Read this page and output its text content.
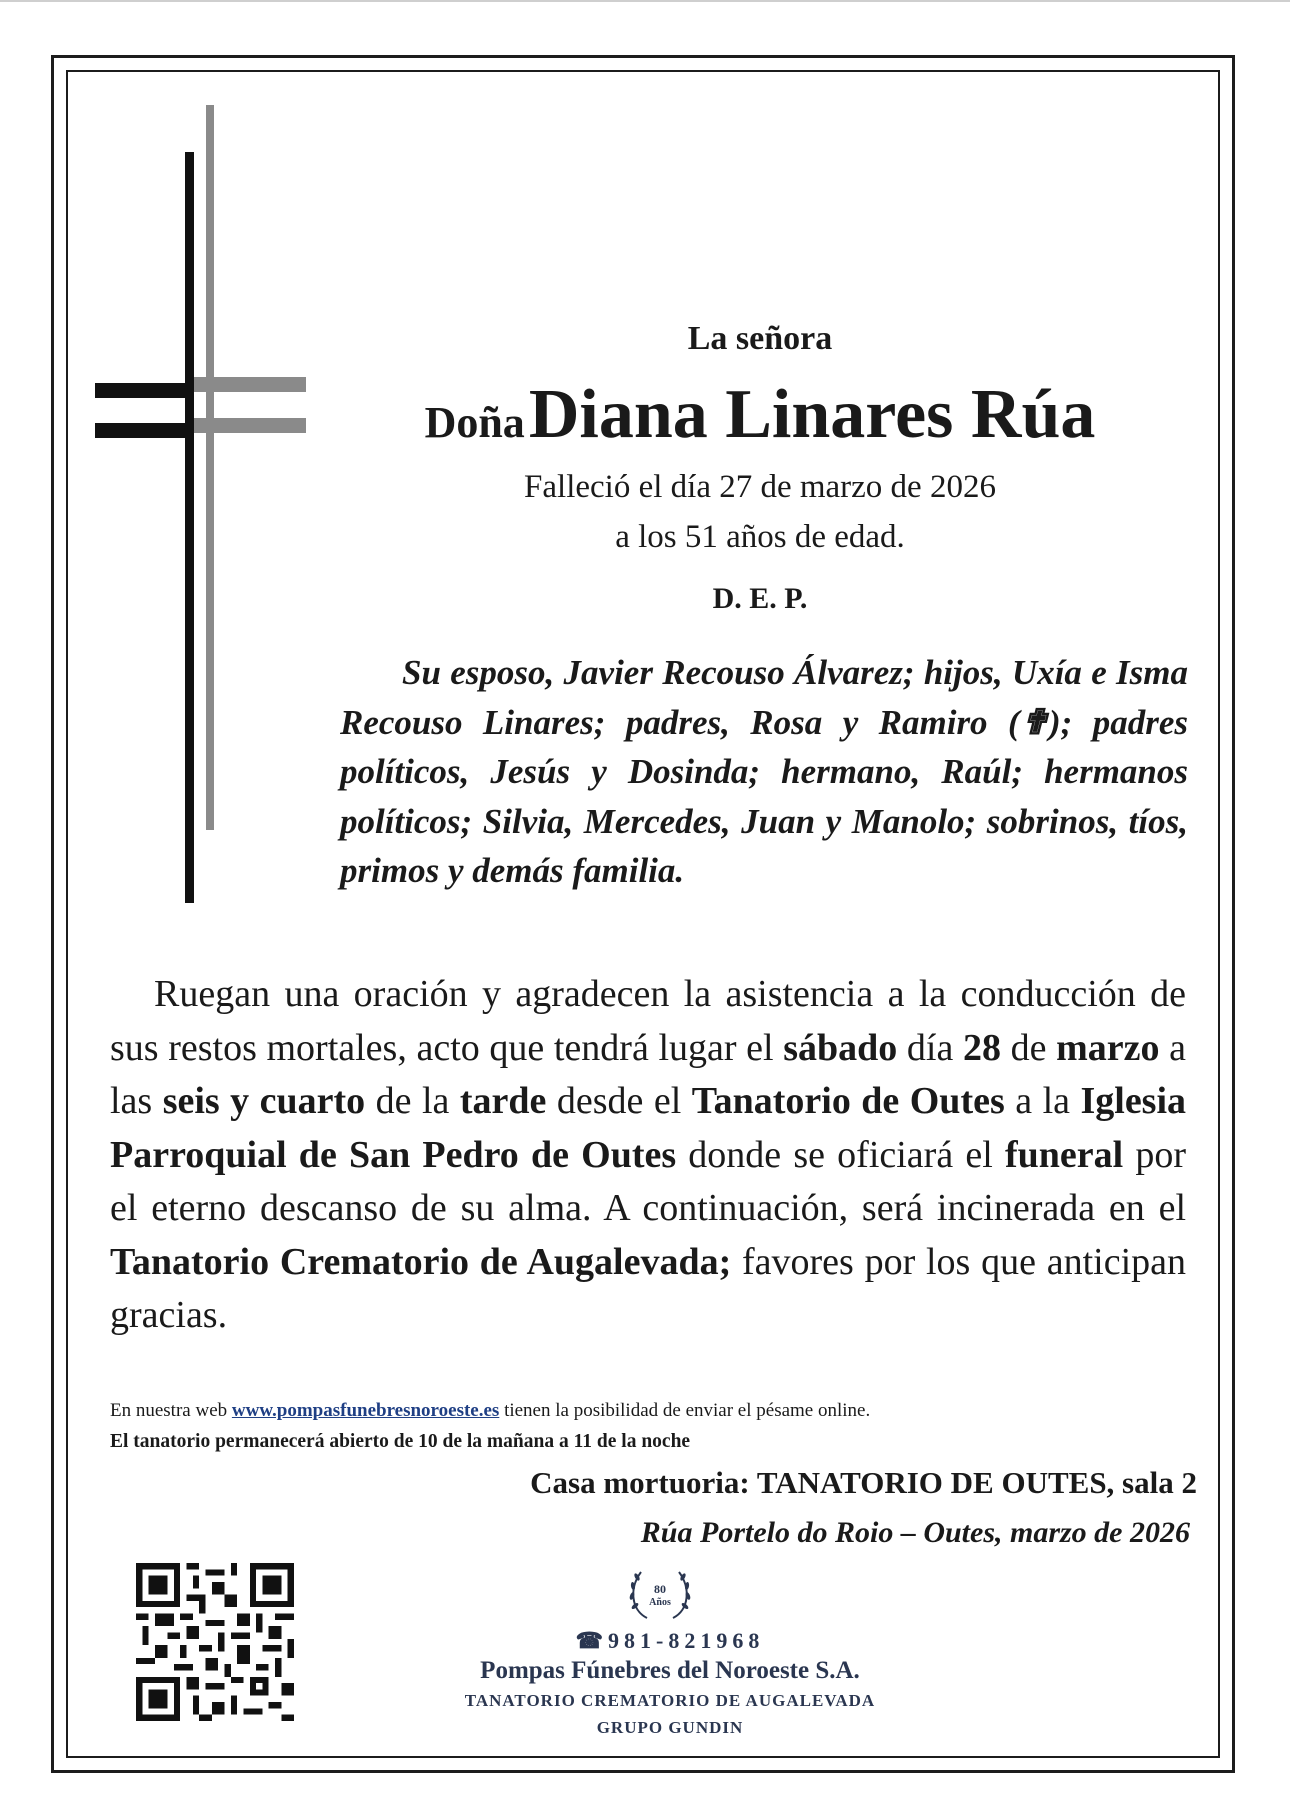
La señora
Doña Diana Linares Rúa
Falleció el día 27 de marzo de 2026
a los 51 años de edad.
D. E. P.
Su esposo, Javier Recouso Álvarez; hijos, Uxía e Isma Recouso Linares; padres, Rosa y Ramiro (✟); padres políticos, Jesús y Dosinda; hermano, Raúl; hermanos políticos; Silvia, Mercedes, Juan y Manolo; sobrinos, tíos, primos y demás familia.
Ruegan una oración y agradecen la asistencia a la conducción de sus restos mortales, acto que tendrá lugar el sábado día 28 de marzo a las seis y cuarto de la tarde desde el Tanatorio de Outes a la Iglesia Parroquial de San Pedro de Outes donde se oficiará el funeral por el eterno descanso de su alma. A continuación, será incinerada en el Tanatorio Crematorio de Augalevada; favores por los que anticipan gracias.
En nuestra web www.pompasfunebresnoroeste.es tienen la posibilidad de enviar el pésame online.
El tanatorio permanecerá abierto de 10 de la mañana a 11 de la noche
Casa mortuoria: TANATORIO DE OUTES, sala 2
Rúa Portelo do Roio – Outes, marzo de 2026
80
Años
☎981-821968
Pompas Fúnebres del Noroeste S.A.
TANATORIO CREMATORIO DE AUGALEVADA
GRUPO GUNDIN
